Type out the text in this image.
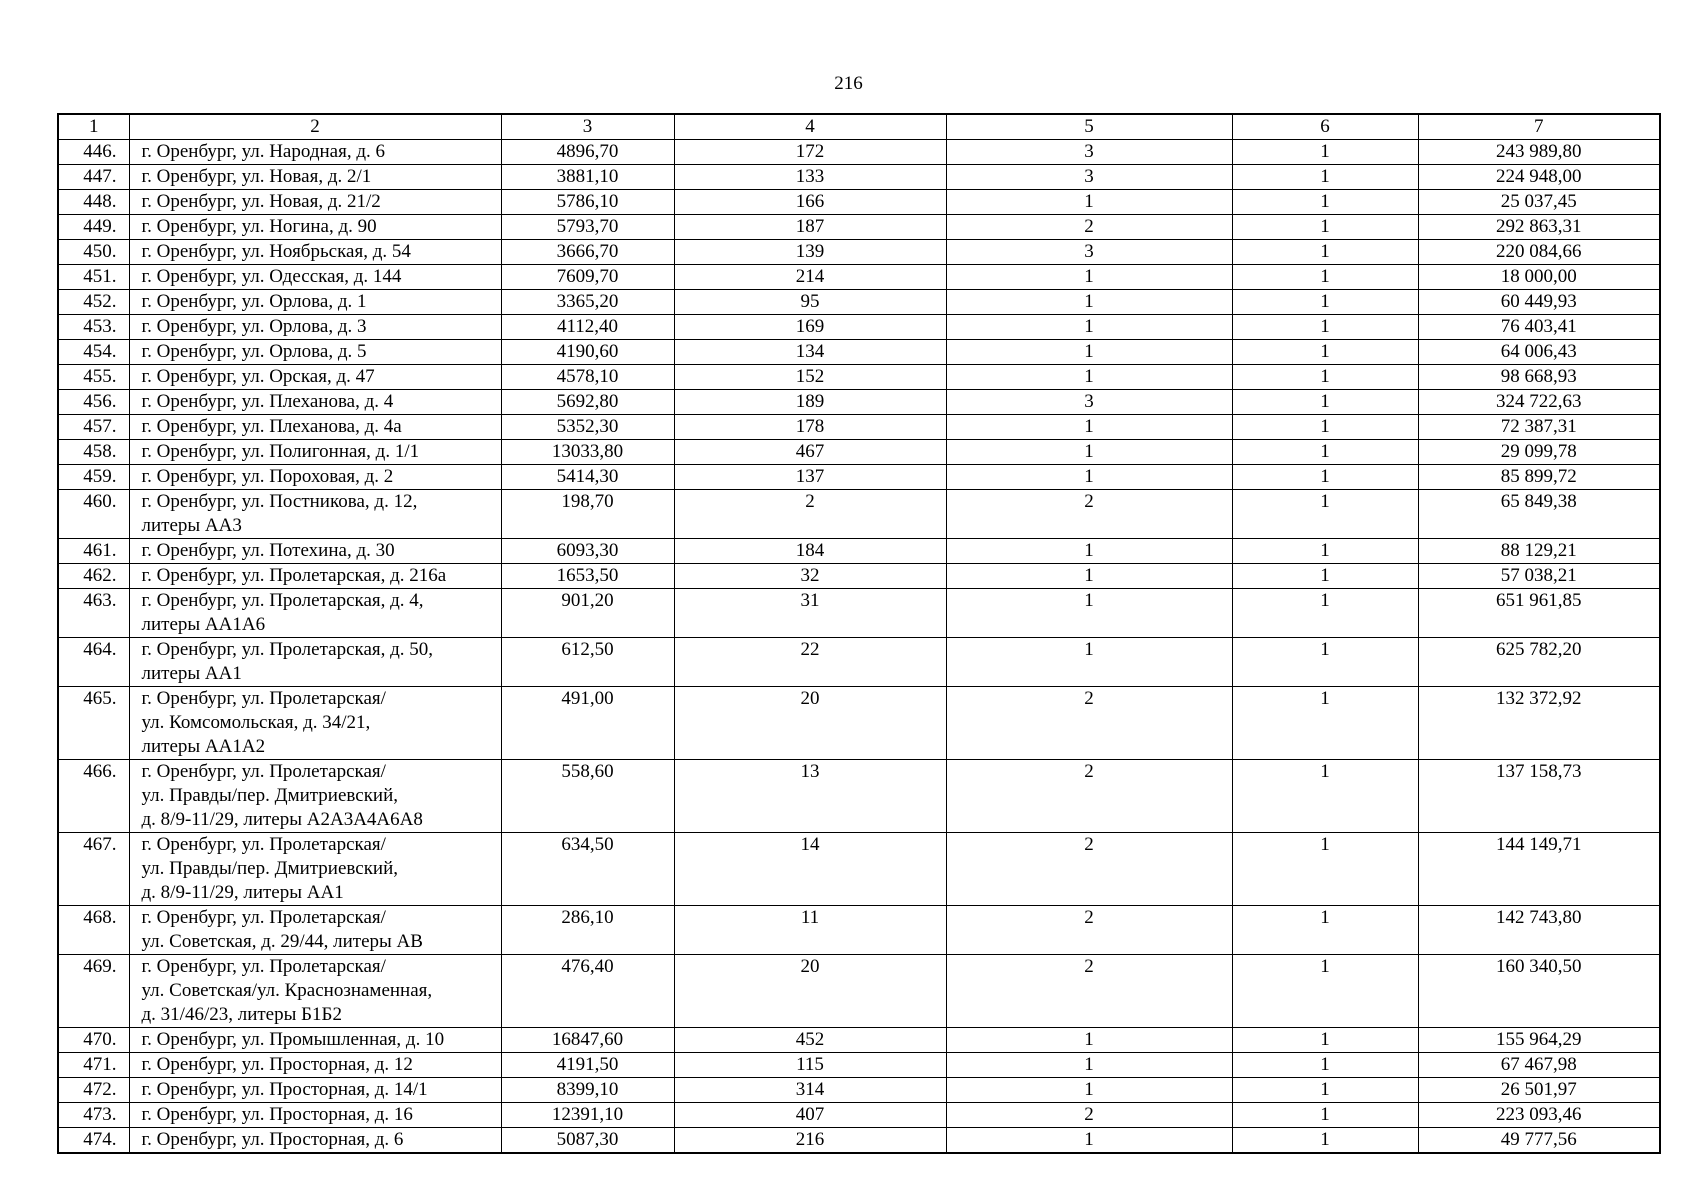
216
1	2	3	4	5	6	7
446.	г. Оренбург, ул. Народная, д. 6	4896,70	172	3	1	243 989,80
447.	г. Оренбург, ул. Новая, д. 2/1	3881,10	133	3	1	224 948,00
448.	г. Оренбург, ул. Новая, д. 21/2	5786,10	166	1	1	25 037,45
449.	г. Оренбург, ул. Ногина, д. 90	5793,70	187	2	1	292 863,31
450.	г. Оренбург, ул. Ноябрьская, д. 54	3666,70	139	3	1	220 084,66
451.	г. Оренбург, ул. Одесская, д. 144	7609,70	214	1	1	18 000,00
452.	г. Оренбург, ул. Орлова, д. 1	3365,20	95	1	1	60 449,93
453.	г. Оренбург, ул. Орлова, д. 3	4112,40	169	1	1	76 403,41
454.	г. Оренбург, ул. Орлова, д. 5	4190,60	134	1	1	64 006,43
455.	г. Оренбург, ул. Орская, д. 47	4578,10	152	1	1	98 668,93
456.	г. Оренбург, ул. Плеханова, д. 4	5692,80	189	3	1	324 722,63
457.	г. Оренбург, ул. Плеханова, д. 4а	5352,30	178	1	1	72 387,31
458.	г. Оренбург, ул. Полигонная, д. 1/1	13033,80	467	1	1	29 099,78
459.	г. Оренбург, ул. Пороховая, д. 2	5414,30	137	1	1	85 899,72
460.	г. Оренбург, ул. Постникова, д. 12,
литеры АА3	198,70	2	2	1	65 849,38
461.	г. Оренбург, ул. Потехина, д. 30	6093,30	184	1	1	88 129,21
462.	г. Оренбург, ул. Пролетарская, д. 216а	1653,50	32	1	1	57 038,21
463.	г. Оренбург, ул. Пролетарская, д. 4,
литеры АА1А6	901,20	31	1	1	651 961,85
464.	г. Оренбург, ул. Пролетарская, д. 50,
литеры АА1	612,50	22	1	1	625 782,20
465.	г. Оренбург, ул. Пролетарская/
ул. Комсомольская, д. 34/21,
литеры АА1А2	491,00	20	2	1	132 372,92
466.	г. Оренбург, ул. Пролетарская/
ул. Правды/пер. Дмитриевский,
д. 8/9-11/29, литеры А2А3А4А6А8	558,60	13	2	1	137 158,73
467.	г. Оренбург, ул. Пролетарская/
ул. Правды/пер. Дмитриевский,
д. 8/9-11/29, литеры АА1	634,50	14	2	1	144 149,71
468.	г. Оренбург, ул. Пролетарская/
ул. Советская, д. 29/44, литеры АВ	286,10	11	2	1	142 743,80
469.	г. Оренбург, ул. Пролетарская/
ул. Советская/ул. Краснознаменная,
д. 31/46/23, литеры Б1Б2	476,40	20	2	1	160 340,50
470.	г. Оренбург, ул. Промышленная, д. 10	16847,60	452	1	1	155 964,29
471.	г. Оренбург, ул. Просторная, д. 12	4191,50	115	1	1	67 467,98
472.	г. Оренбург, ул. Просторная, д. 14/1	8399,10	314	1	1	26 501,97
473.	г. Оренбург, ул. Просторная, д. 16	12391,10	407	2	1	223 093,46
474.	г. Оренбург, ул. Просторная, д. 6	5087,30	216	1	1	49 777,56
